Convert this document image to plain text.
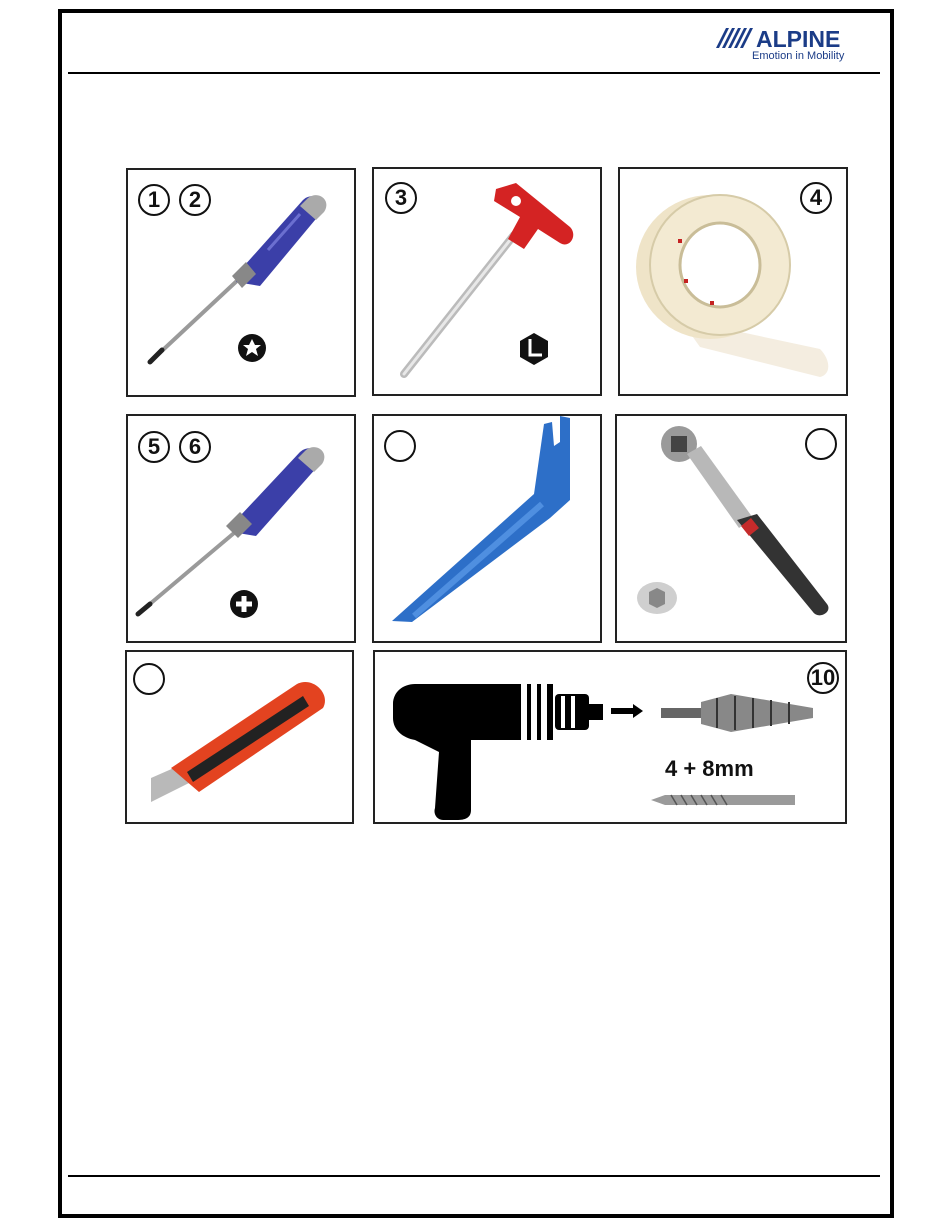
ALPINE
Emotion in Mobility
1	2	3	4
5	6
10
4 + 8mm
